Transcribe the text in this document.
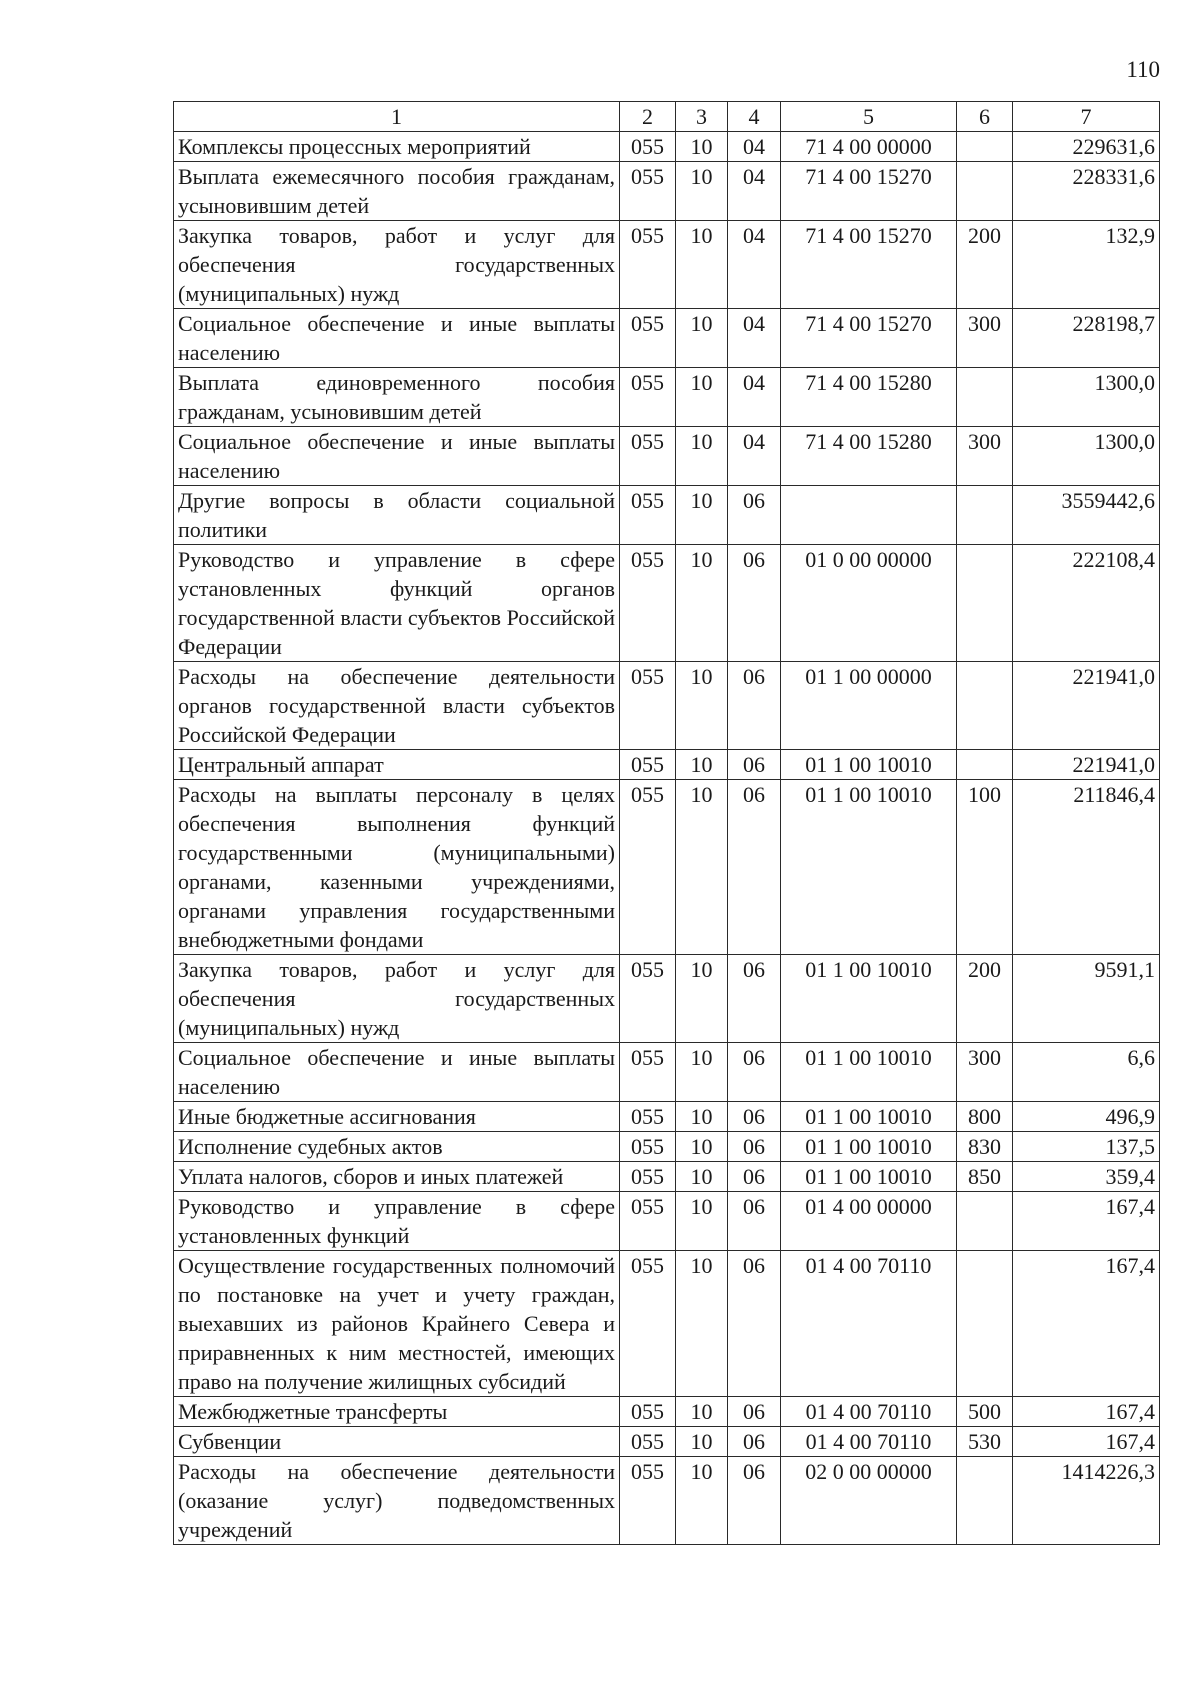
110
1	2	3	4	5	6	7
Комплексы процессных мероприятий	055	10	04	71 4 00 00000		229631,6
Выплата ежемесячного пособия гражданам, усыновившим детей	055	10	04	71 4 00 15270		228331,6
Закупка товаров, работ и услуг для обеспечения государственных (муниципальных) нужд	055	10	04	71 4 00 15270	200	132,9
Социальное обеспечение и иные выплаты населению	055	10	04	71 4 00 15270	300	228198,7
Выплата единовременного пособия гражданам, усыновившим детей	055	10	04	71 4 00 15280		1300,0
Социальное обеспечение и иные выплаты населению	055	10	04	71 4 00 15280	300	1300,0
Другие вопросы в области социальной политики	055	10	06			3559442,6
Руководство и управление в сфере установленных функций органов государственной власти субъектов Российской Федерации	055	10	06	01 0 00 00000		222108,4
Расходы на обеспечение деятельности органов государственной власти субъектов Российской Федерации	055	10	06	01 1 00 00000		221941,0
Центральный аппарат	055	10	06	01 1 00 10010		221941,0
Расходы на выплаты персоналу в целях обеспечения выполнения функций государственными (муниципальными) органами, казенными учреждениями, органами управления государственными внебюджетными фондами	055	10	06	01 1 00 10010	100	211846,4
Закупка товаров, работ и услуг для обеспечения государственных (муниципальных) нужд	055	10	06	01 1 00 10010	200	9591,1
Социальное обеспечение и иные выплаты населению	055	10	06	01 1 00 10010	300	6,6
Иные бюджетные ассигнования	055	10	06	01 1 00 10010	800	496,9
Исполнение судебных актов	055	10	06	01 1 00 10010	830	137,5
Уплата налогов, сборов и иных платежей	055	10	06	01 1 00 10010	850	359,4
Руководство и управление в сфере установленных функций	055	10	06	01 4 00 00000		167,4
Осуществление государственных полномочий по постановке на учет и учету граждан, выехавших из районов Крайнего Севера и приравненных к ним местностей, имеющих право на получение жилищных субсидий	055	10	06	01 4 00 70110		167,4
Межбюджетные трансферты	055	10	06	01 4 00 70110	500	167,4
Субвенции	055	10	06	01 4 00 70110	530	167,4
Расходы на обеспечение деятельности (оказание услуг) подведомственных учреждений	055	10	06	02 0 00 00000		1414226,3
